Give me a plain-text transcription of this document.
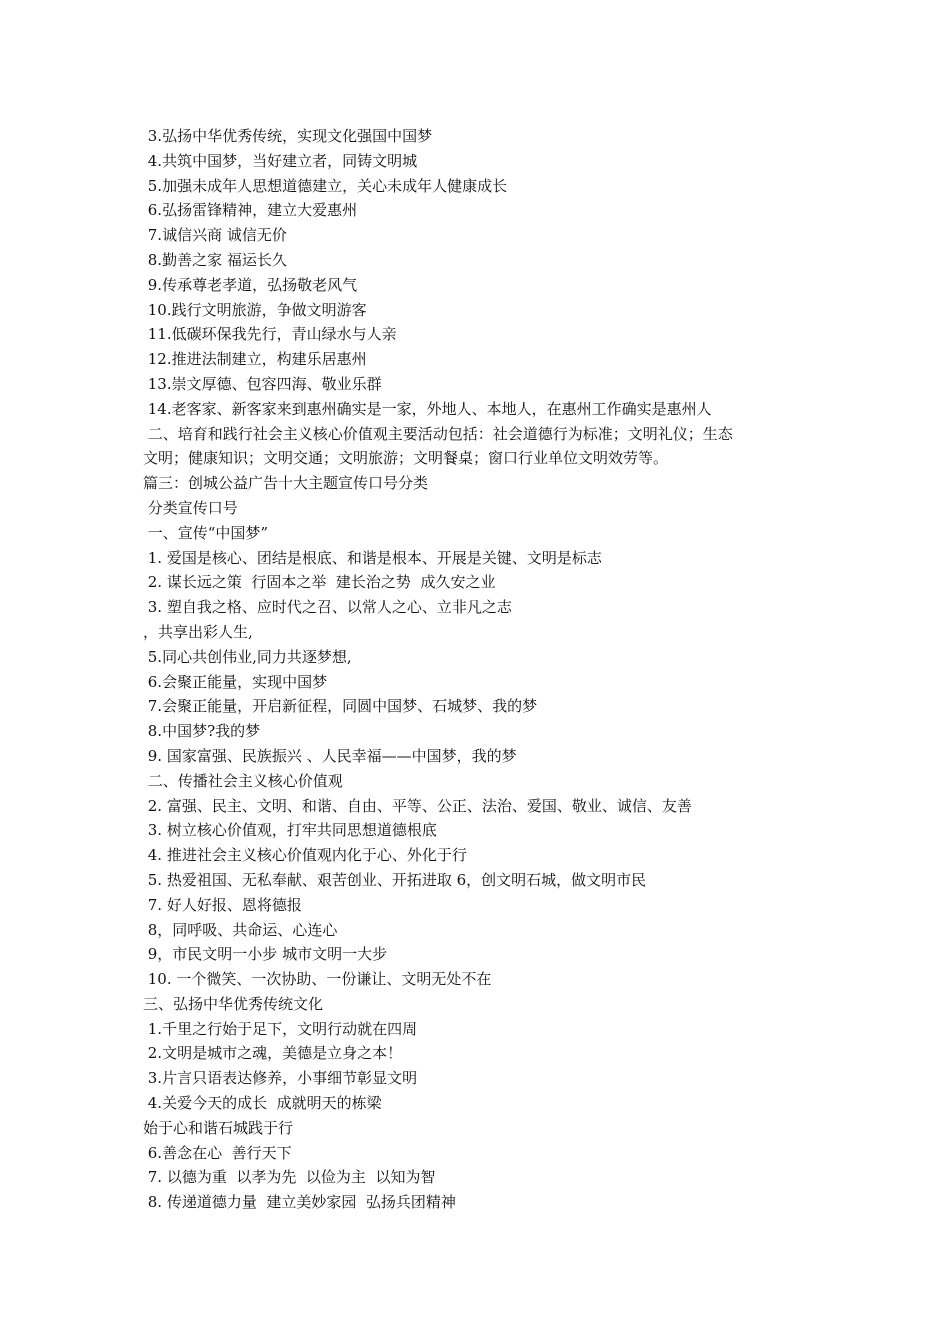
3.弘扬中华优秀传统，实现文化强国中国梦
4.共筑中国梦，当好建立者，同铸文明城
5.加强未成年人思想道德建立，关心未成年人健康成长
6.弘扬雷锋精神，建立大爱惠州
7.诚信兴商 诚信无价
8.勤善之家 福运长久
9.传承尊老孝道，弘扬敬老风气
10.践行文明旅游，争做文明游客
11.低碳环保我先行，青山绿水与人亲
12.推进法制建立，构建乐居惠州
13.崇文厚德、包容四海、敬业乐群
14.老客家、新客家来到惠州确实是一家，外地人、本地人，在惠州工作确实是惠州人
二、培育和践行社会主义核心价值观主要活动包括：社会道德行为标准；文明礼仪；生态
文明；健康知识；文明交通；文明旅游；文明餐桌；窗口行业单位文明效劳等。
篇三：创城公益广告十大主题宣传口号分类
分类宣传口号
一、宣传“中国梦”
1. 爱国是核心、团结是根底、和谐是根本、开展是关键、文明是标志
2. 谋长远之策  行固本之举  建长治之势  成久安之业
3. 塑自我之格、应时代之召、以常人之心、立非凡之志
，共享出彩人生,
5.同心共创伟业,同力共逐梦想,
6.会聚正能量，实现中国梦
7.会聚正能量，开启新征程，同圆中国梦、石城梦、我的梦
8.中国梦?我的梦
9. 国家富强、民族振兴 、人民幸福——中国梦，我的梦
二、传播社会主义核心价值观
2. 富强、民主、文明、和谐、自由、平等、公正、法治、爱国、敬业、诚信、友善
3. 树立核心价值观，打牢共同思想道德根底
4. 推进社会主义核心价值观内化于心、外化于行
5. 热爱祖国、无私奉献、艰苦创业、开拓进取 6，创文明石城，做文明市民
7. 好人好报、恩将德报
8，同呼吸、共命运、心连心
9，市民文明一小步 城市文明一大步
10. 一个微笑、一次协助、一份谦让、文明无处不在
三、弘扬中华优秀传统文化
1.千里之行始于足下，文明行动就在四周
2.文明是城市之魂，美德是立身之本！
3.片言只语表达修养，小事细节彰显文明
4.关爱今天的成长  成就明天的栋梁
始于心和谐石城践于行
6.善念在心  善行天下
7. 以德为重  以孝为先  以俭为主  以知为智
8. 传递道德力量  建立美妙家园  弘扬兵团精神
